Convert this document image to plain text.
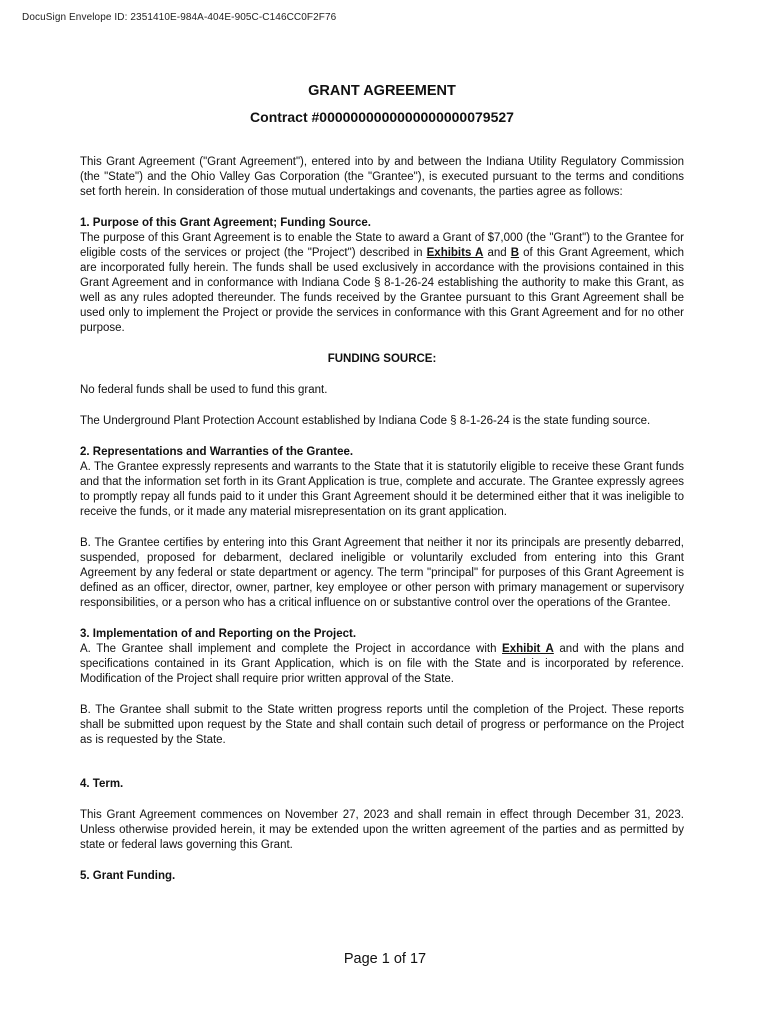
DocuSign Envelope ID: 2351410E-984A-404E-905C-C146CC0F2F76
GRANT AGREEMENT
Contract #0000000000000000000079527

This Grant Agreement ("Grant Agreement"), entered into by and between the Indiana Utility Regulatory Commission (the "State") and the Ohio Valley Gas Corporation (the "Grantee"), is executed pursuant to the terms and conditions set forth herein. In consideration of those mutual undertakings and covenants, the parties agree as follows:

1. Purpose of this Grant Agreement; Funding Source.

The purpose of this Grant Agreement is to enable the State to award a Grant of $7,000 (the "Grant") to the Grantee for eligible costs of the services or project (the "Project") described in Exhibits A and B of this Grant Agreement, which are incorporated fully herein. The funds shall be used exclusively in accordance with the provisions contained in this Grant Agreement and in conformance with Indiana Code § 8-1-26-24 establishing the authority to make this Grant, as well as any rules adopted thereunder. The funds received by the Grantee pursuant to this Grant Agreement shall be used only to implement the Project or provide the services in conformance with this Grant Agreement and for no other purpose.

FUNDING SOURCE:

No federal funds shall be used to fund this grant.

The Underground Plant Protection Account established by Indiana Code § 8-1-26-24 is the state funding source.

2. Representations and Warranties of the Grantee.

A. The Grantee expressly represents and warrants to the State that it is statutorily eligible to receive these Grant funds and that the information set forth in its Grant Application is true, complete and accurate. The Grantee expressly agrees to promptly repay all funds paid to it under this Grant Agreement should it be determined either that it was ineligible to receive the funds, or it made any material misrepresentation on its grant application.

B. The Grantee certifies by entering into this Grant Agreement that neither it nor its principals are presently debarred, suspended, proposed for debarment, declared ineligible or voluntarily excluded from entering into this Grant Agreement by any federal or state department or agency. The term "principal" for purposes of this Grant Agreement is defined as an officer, director, owner, partner, key employee or other person with primary management or supervisory responsibilities, or a person who has a critical influence on or substantive control over the operations of the Grantee.

3. Implementation of and Reporting on the Project.

A. The Grantee shall implement and complete the Project in accordance with Exhibit A and with the plans and specifications contained in its Grant Application, which is on file with the State and is incorporated by reference. Modification of the Project shall require prior written approval of the State.

B. The Grantee shall submit to the State written progress reports until the completion of the Project. These reports shall be submitted upon request by the State and shall contain such detail of progress or performance on the Project as is requested by the State.

4. Term.

This Grant Agreement commences on November 27, 2023 and shall remain in effect through December 31, 2023. Unless otherwise provided herein, it may be extended upon the written agreement of the parties and as permitted by state or federal laws governing this Grant.

5. Grant Funding.

Page 1 of 17
